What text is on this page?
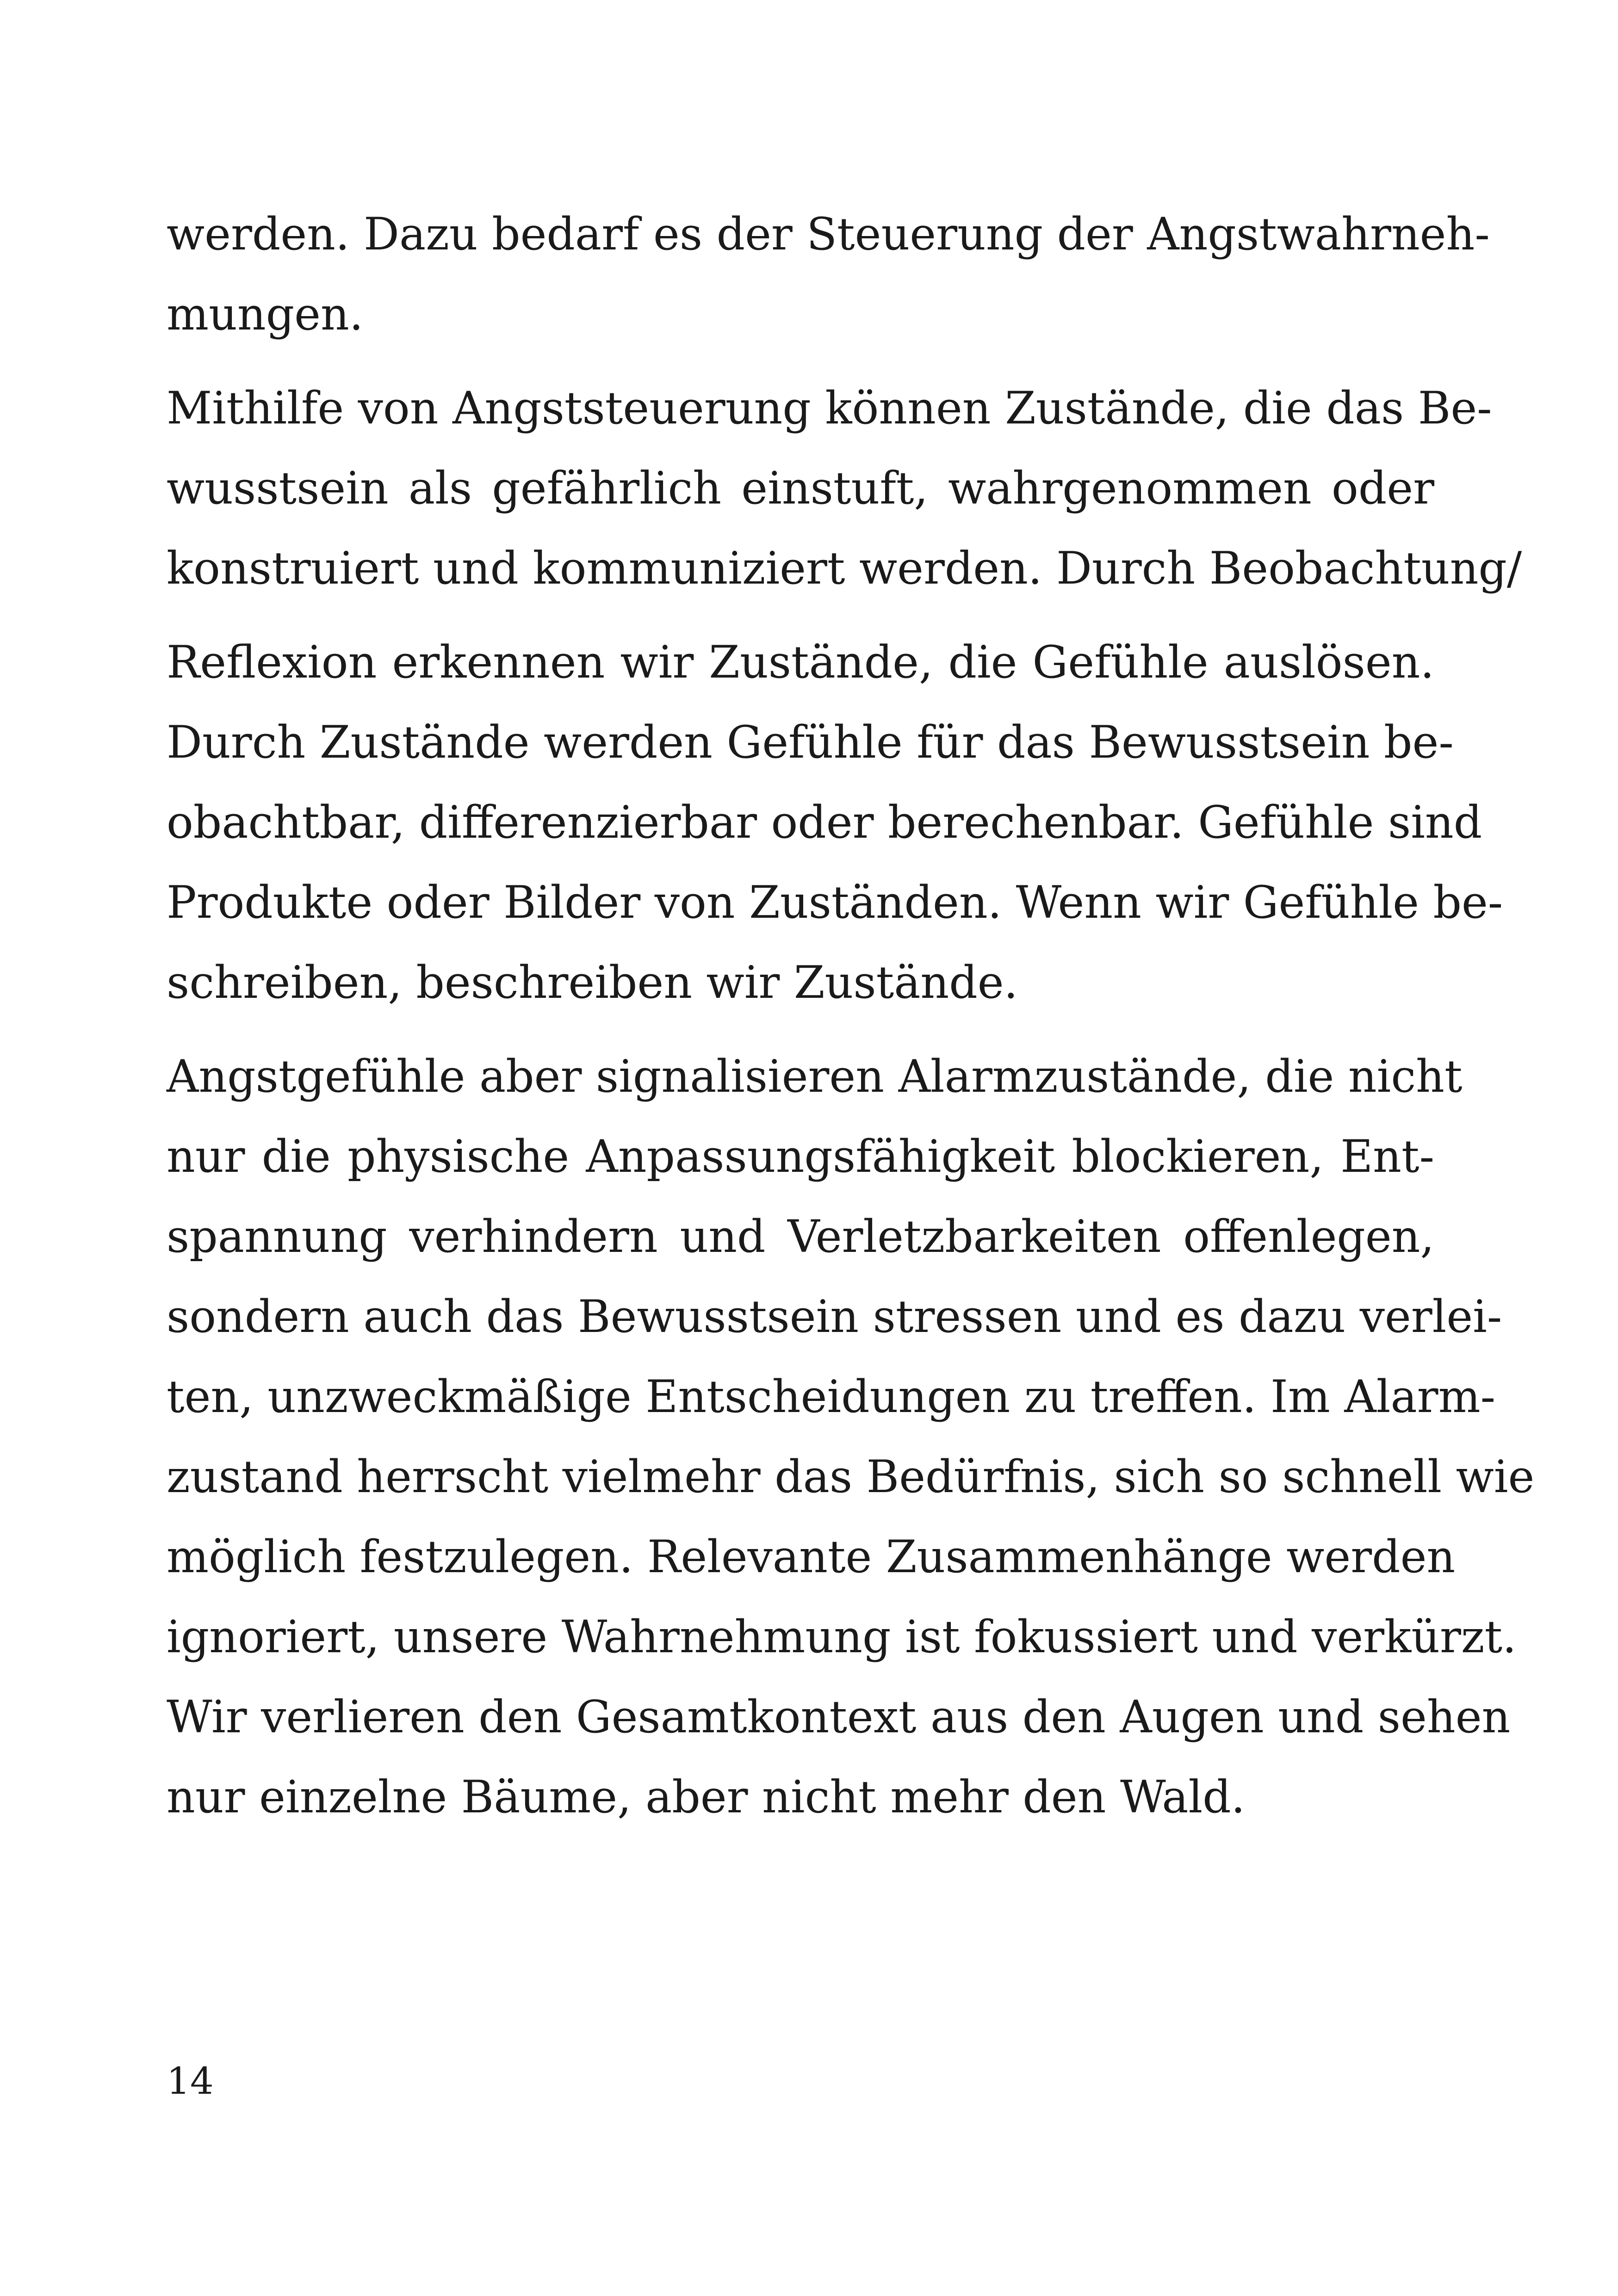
werden. Dazu bedarf es der Steuerung der Angstwahrneh-
mungen.
Mithilfe von Angststeuerung können Zustände, die das Be-
wusstsein als gefährlich einstuft, wahrgenommen oder
konstruiert und kommuniziert werden. Durch Beobachtung/
Reflexion erkennen wir Zustände, die Gefühle auslösen.
Durch Zustände werden Gefühle für das Bewusstsein be-
obachtbar, differenzierbar oder berechenbar. Gefühle sind
Produkte oder Bilder von Zuständen. Wenn wir Gefühle be-
schreiben, beschreiben wir Zustände.
Angstgefühle aber signalisieren Alarmzustände, die nicht
nur die physische Anpassungsfähigkeit blockieren, Ent-
spannung verhindern und Verletzbarkeiten offenlegen,
sondern auch das Bewusstsein stressen und es dazu verlei-
ten, unzweckmäßige Entscheidungen zu treffen. Im Alarm-
zustand herrscht vielmehr das Bedürfnis, sich so schnell wie
möglich festzulegen. Relevante Zusammenhänge werden
ignoriert, unsere Wahrnehmung ist fokussiert und verkürzt.
Wir verlieren den Gesamtkontext aus den Augen und sehen
nur einzelne Bäume, aber nicht mehr den Wald.
14
